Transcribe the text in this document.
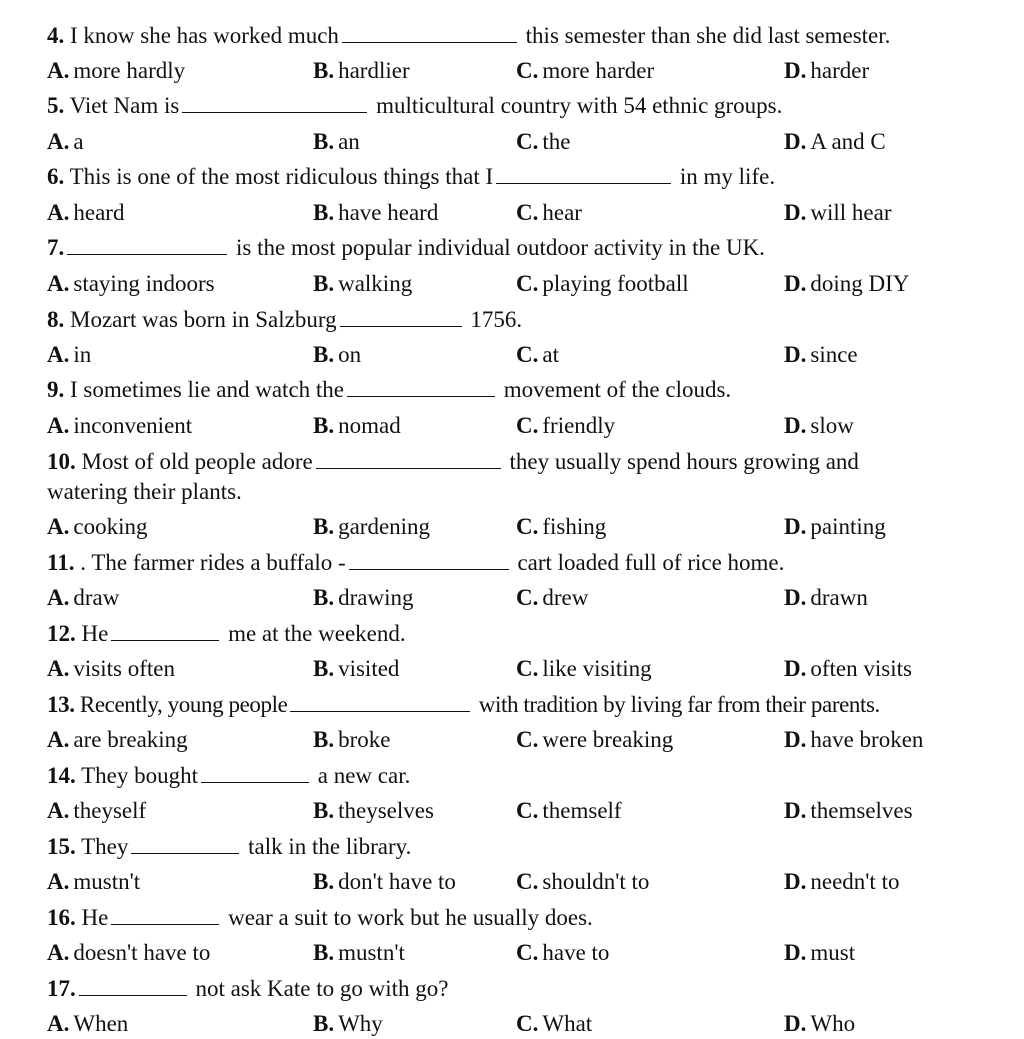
4. I know she has worked much	this semester than she did last semester.
A. more hardly	B. hardlier	C. more harder	D. harder
5. Viet Nam is	multicultural country with 54 ethnic groups.
A. a	B. an	C. the	D. A and C
6. This is one of the most ridiculous things that I	in my life.
A. heard	B. have heard	C. hear	D. will hear
7.	is the most popular individual outdoor activity in the UK.
A. staying indoors	B. walking	C. playing football	D. doing DIY
8. Mozart was born in Salzburg	1756.
A. in	B. on	C. at	D. since
9. I sometimes lie and watch the	movement of the clouds.
A. inconvenient	B. nomad	C. friendly	D. slow
10. Most of old people adore	they usually spend hours growing and
watering their plants.
A. cooking	B. gardening	C. fishing	D. painting
11. . The farmer rides a buffalo -	cart loaded full of rice home.
A. draw	B. drawing	C. drew	D. drawn
12. He	me at the weekend.
A. visits often	B. visited	C. like visiting	D. often visits
13. Recently, young people	with tradition by living far from their parents.
A. are breaking	B. broke	C. were breaking	D. have broken
14. They bought	a new car.
A. theyself	B. theyselves	C. themself	D. themselves
15. They	talk in the library.
A. mustn't	B. don't have to	C. shouldn't to	D. needn't to
16. He	wear a suit to work but he usually does.
A. doesn't have to	B. mustn't	C. have to	D. must
17.	not ask Kate to go with go?
A. When	B. Why	C. What	D. Who
